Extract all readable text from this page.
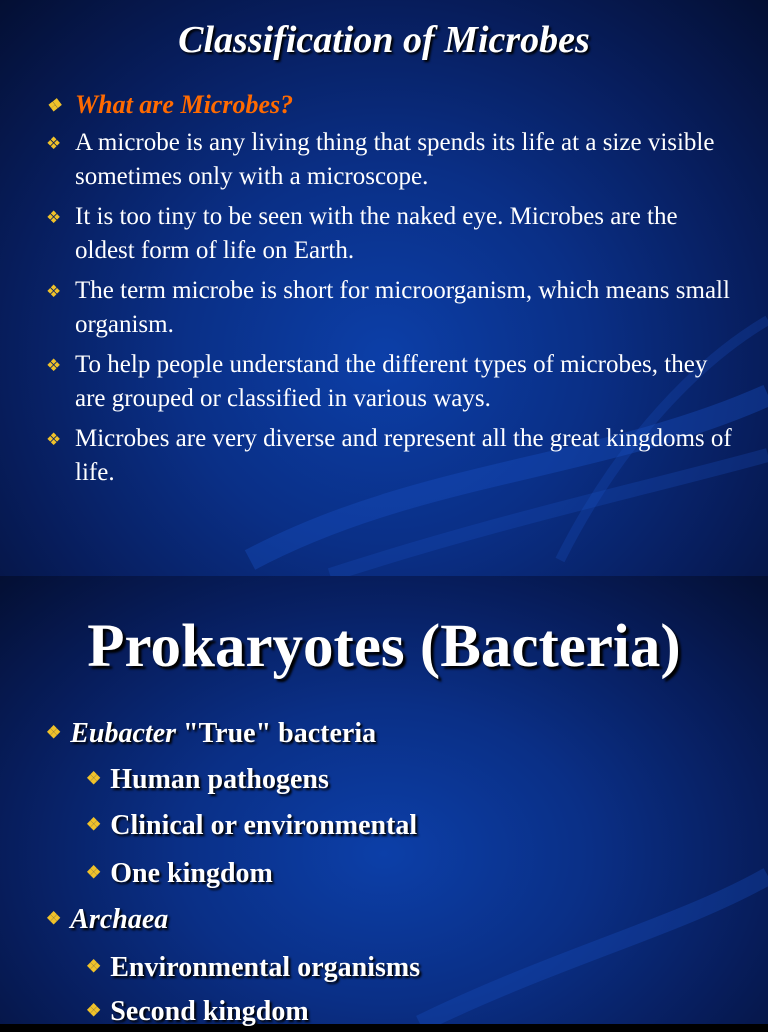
Classification of Microbes
❖ What are Microbes?
❖ A microbe is any living thing that spends its life at a size visible sometimes only with a microscope.
❖ It is too tiny to be seen with the naked eye. Microbes are the oldest form of life on Earth.
❖ The term microbe is short for microorganism, which means small organism.
❖ To help people understand the different types of microbes, they are grouped or classified in various ways.
❖ Microbes are very diverse and represent all the great kingdoms of life.
Prokaryotes (Bacteria)
❖ Eubacter "True" bacteria
❖ Human pathogens
❖ Clinical or environmental
❖ One kingdom
❖ Archaea
❖ Environmental organisms
❖ Second kingdom
